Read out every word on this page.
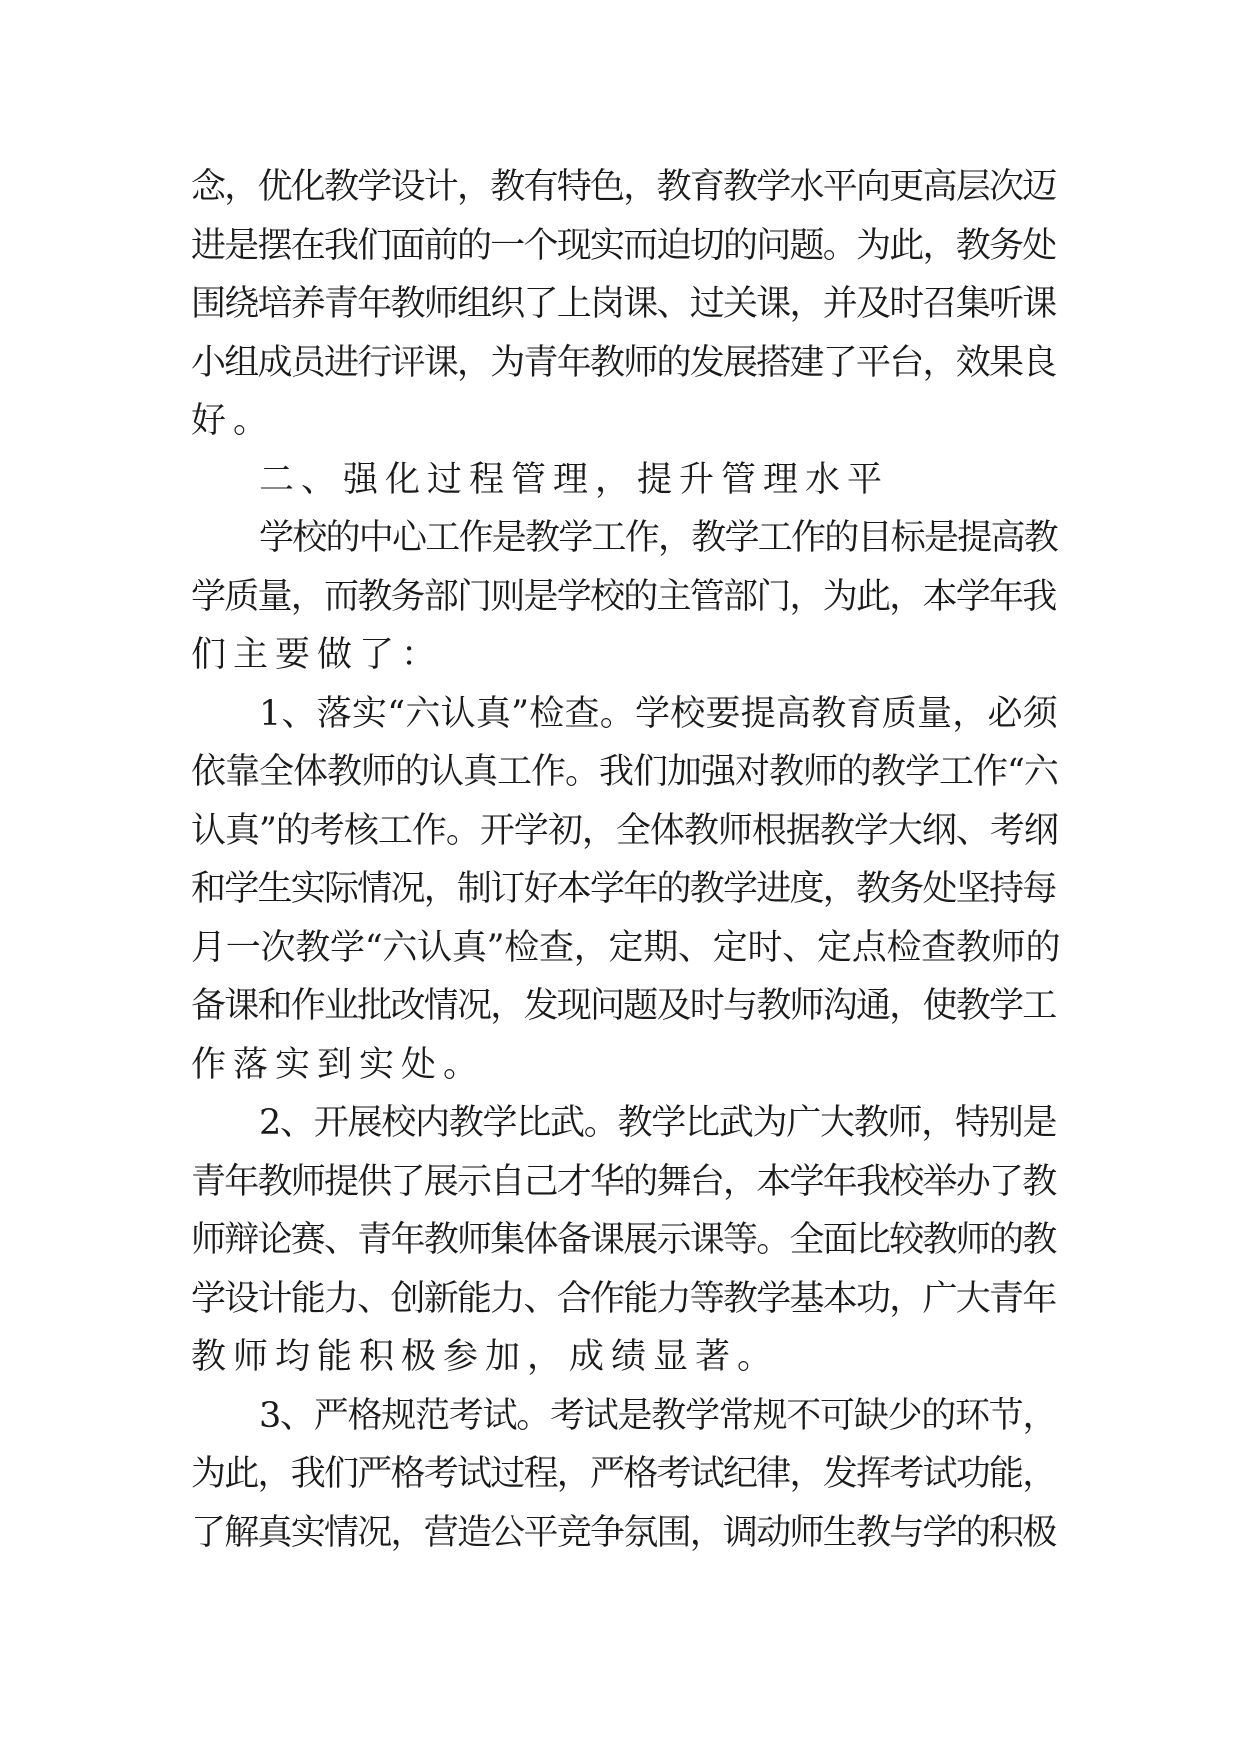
念，优化教学设计，教有特色，教育教学水平向更高层次迈
进是摆在我们面前的一个现实而迫切的问题。为此，教务处
围绕培养青年教师组织了上岗课、过关课，并及时召集听课
小组成员进行评课，为青年教师的发展搭建了平台，效果良
好。
二、强化过程管理，提升管理水平
学校的中心工作是教学工作，教学工作的目标是提高教
学质量，而教务部门则是学校的主管部门，为此，本学年我
们主要做了：
1、落实“六认真”检查。学校要提高教育质量，必须
依靠全体教师的认真工作。我们加强对教师的教学工作“六
认真”的考核工作。开学初，全体教师根据教学大纲、考纲
和学生实际情况，制订好本学年的教学进度，教务处坚持每
月一次教学“六认真”检查，定期、定时、定点检查教师的
备课和作业批改情况，发现问题及时与教师沟通，使教学工
作落实到实处。
2、开展校内教学比武。教学比武为广大教师，特别是
青年教师提供了展示自己才华的舞台，本学年我校举办了教
师辩论赛、青年教师集体备课展示课等。全面比较教师的教
学设计能力、创新能力、合作能力等教学基本功，广大青年
教师均能积极参加，成绩显著。
3、严格规范考试。考试是教学常规不可缺少的环节，
为此，我们严格考试过程，严格考试纪律，发挥考试功能，
了解真实情况，营造公平竞争氛围，调动师生教与学的积极
